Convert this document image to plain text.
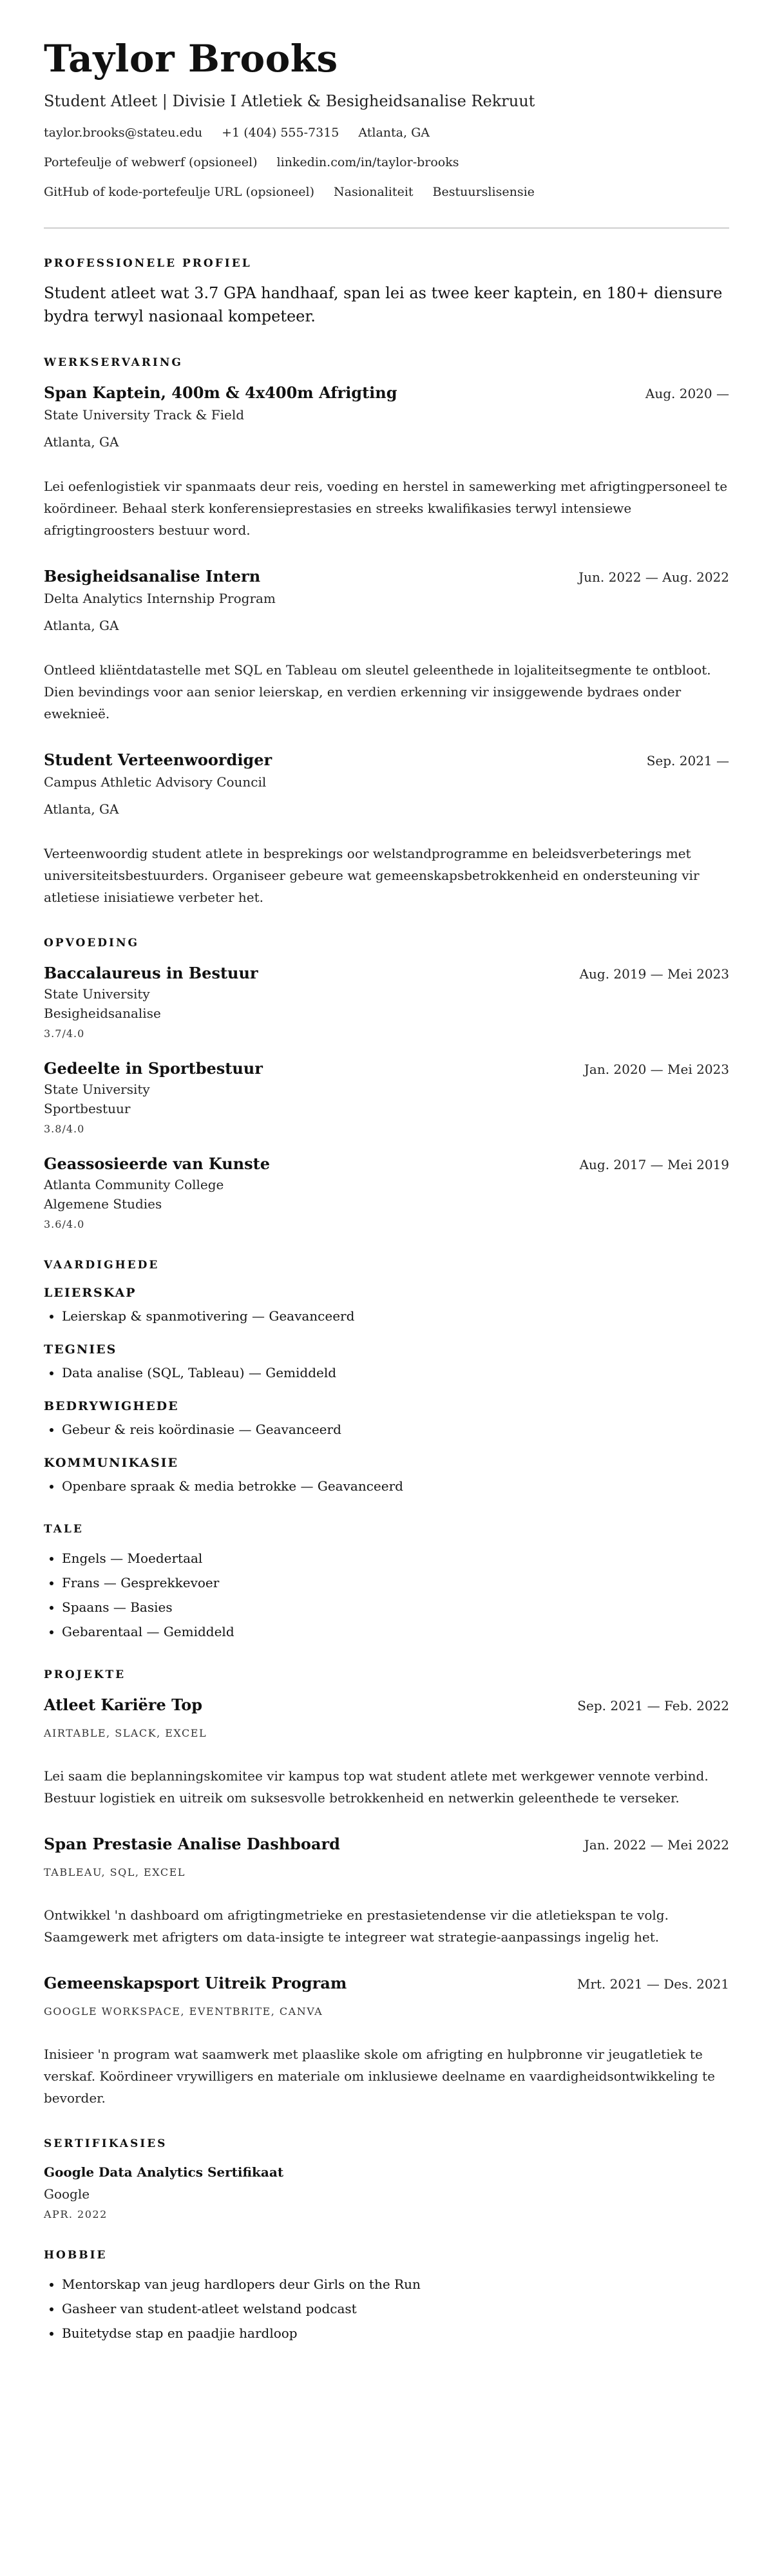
Taylor Brooks
Student Atleet | Divisie I Atletiek & Besigheidsanalise Rekruut
taylor.brooks@stateu.edu +1 (404) 555-7315 Atlanta, GA
Portefeulje of webwerf (opsioneel) linkedin.com/in/taylor-brooks
GitHub of kode-portefeulje URL (opsioneel) Nasionaliteit Bestuurslisensie
PROFESSIONELE PROFIEL
Student atleet wat 3.7 GPA handhaaf, span lei as twee keer kaptein, en 180+ diensure bydra terwyl nasionaal kompeteer.
WERKSERVARING
Span Kaptein, 400m & 4x400m Afrigting	Aug. 2020 —
State University Track & Field
Atlanta, GA
Lei oefenlogistiek vir spanmaats deur reis, voeding en herstel in samewerking met afrigtingpersoneel te koördineer. Behaal sterk konferensieprestasies en streeks kwalifikasies terwyl intensiewe afrigtingroosters bestuur word.
Besigheidsanalise Intern	Jun. 2022 — Aug. 2022
Delta Analytics Internship Program
Atlanta, GA
Ontleed kliëntdatastelle met SQL en Tableau om sleutel geleenthede in lojaliteitsegmente te ontbloot. Dien bevindings voor aan senior leierskap, en verdien erkenning vir insiggewende bydraes onder eweknieë.
Student Verteenwoordiger	Sep. 2021 —
Campus Athletic Advisory Council
Atlanta, GA
Verteenwoordig student atlete in besprekings oor welstandprogramme en beleidsverbeterings met universiteitsbestuurders. Organiseer gebeure wat gemeenskapsbetrokkenheid en ondersteuning vir atletiese inisiatiewe verbeter het.
OPVOEDING
Baccalaureus in Bestuur	Aug. 2019 — Mei 2023
State University
Besigheidsanalise
3.7/4.0
Gedeelte in Sportbestuur	Jan. 2020 — Mei 2023
State University
Sportbestuur
3.8/4.0
Geassosieerde van Kunste	Aug. 2017 — Mei 2019
Atlanta Community College
Algemene Studies
3.6/4.0
VAARDIGHEDE
LEIERSKAP
• Leierskap & spanmotivering — Geavanceerd
TEGNIES
• Data analise (SQL, Tableau) — Gemiddeld
BEDRYWIGHEDE
• Gebeur & reis koördinasie — Geavanceerd
KOMMUNIKASIE
• Openbare spraak & media betrokke — Geavanceerd
TALE
• Engels — Moedertaal
• Frans — Gesprekkevoer
• Spaans — Basies
• Gebarentaal — Gemiddeld
PROJEKTE
Atleet Kariëre Top	Sep. 2021 — Feb. 2022
AIRTABLE, SLACK, EXCEL
Lei saam die beplanningskomitee vir kampus top wat student atlete met werkgewer vennote verbind. Bestuur logistiek en uitreik om suksesvolle betrokkenheid en netwerkin geleenthede te verseker.
Span Prestasie Analise Dashboard	Jan. 2022 — Mei 2022
TABLEAU, SQL, EXCEL
Ontwikkel 'n dashboard om afrigtingmetrieke en prestasietendense vir die atletiekspan te volg. Saamgewerk met afrigters om data-insigte te integreer wat strategie-aanpassings ingelig het.
Gemeenskapsport Uitreik Program	Mrt. 2021 — Des. 2021
GOOGLE WORKSPACE, EVENTBRITE, CANVA
Inisieer 'n program wat saamwerk met plaaslike skole om afrigting en hulpbronne vir jeugatletiek te verskaf. Koördineer vrywilligers en materiale om inklusiewe deelname en vaardigheidsontwikkeling te bevorder.
SERTIFIKASIES
Google Data Analytics Sertifikaat
Google
APR. 2022
HOBBIE
• Mentorskap van jeug hardlopers deur Girls on the Run
• Gasheer van student-atleet welstand podcast
• Buitetydse stap en paadjie hardloop
